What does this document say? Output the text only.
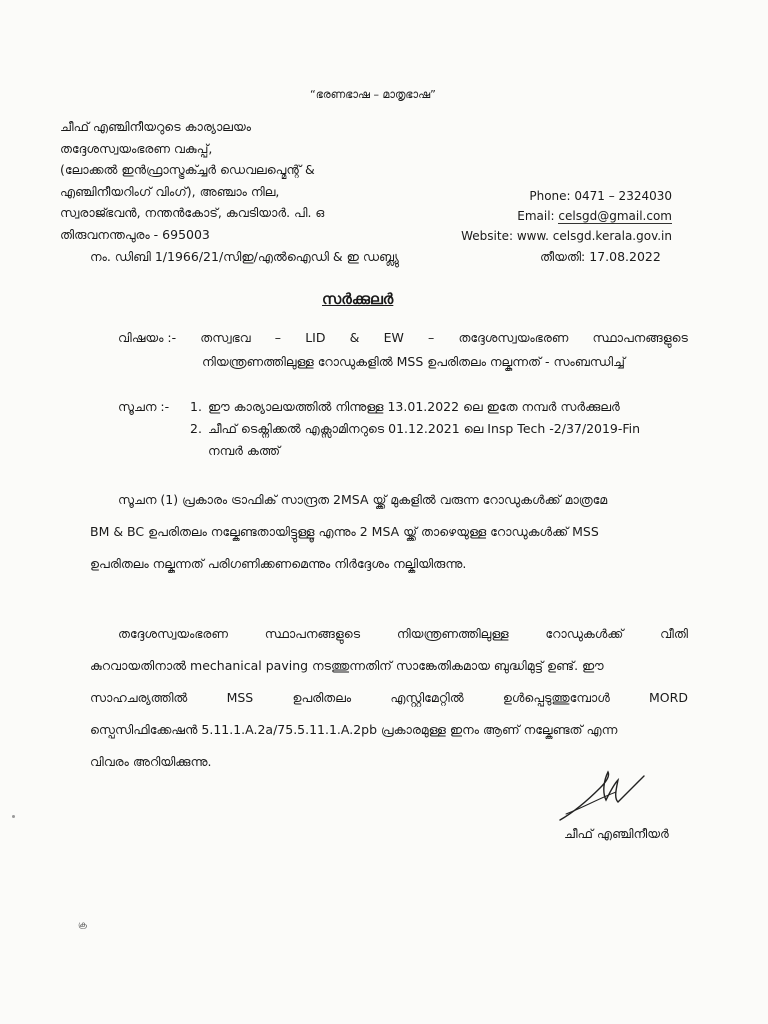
“ഭരണഭാഷ – മാതൃഭാഷ”
ചീഫ് എഞ്ചിനീയറുടെ കാര്യാലയം
തദ്ദേശസ്വയംഭരണ വകുപ്പ്,
(ലോക്കൽ ഇൻഫ്രാസ്ട്രക്ച്ചർ ഡെവലപ്മെന്റ് &
എഞ്ചിനീയറിംഗ് വിംഗ്), അഞ്ചാം നില,
സ്വരാജ്ഭവൻ, നന്തൻകോട്, കവടിയാർ. പി. ഒ
തിരുവനന്തപുരം - 695003
Phone: 0471 – 2324030
Email: celsgd@gmail.com
Website: www. celsgd.kerala.gov.in
നം. ഡിബി 1/1966/21/സിഇ/എൽഐഡി & ഇ ഡബ്ല്യു	തീയതി: 17.08.2022
സർക്കുലർ
വിഷയം :- തസ്വഭവ – LID & EW – തദ്ദേശസ്വയംഭരണ സ്ഥാപനങ്ങളുടെ
നിയന്ത്രണത്തിലുള്ള റോഡുകളിൽ MSS ഉപരിതലം നല്കുന്നത് - സംബന്ധിച്ച്
സൂചന :-	1. ഈ കാര്യാലയത്തിൽ നിന്നുള്ള 13.01.2022 ലെ ഇതേ നമ്പർ സർക്കുലർ
2. ചീഫ് ടെക്നിക്കൽ എക്സാമിനറുടെ 01.12.2021 ലെ Insp Tech -2/37/2019-Fin
നമ്പർ കത്ത്
സൂചന (1) പ്രകാരം ട്രാഫിക് സാന്ദ്രത 2MSA യ്ക്ക് മുകളിൽ വരുന്ന റോഡുകൾക്ക് മാത്രമേ
BM & BC ഉപരിതലം നല്കേണ്ടതായിട്ടുള്ളൂ എന്നും 2 MSA യ്ക്ക് താഴെയുള്ള റോഡുകൾക്ക് MSS
ഉപരിതലം നല്കുന്നത് പരിഗണിക്കണമെന്നും നിർദ്ദേശം നല്കിയിരുന്നു.
തദ്ദേശസ്വയംഭരണ	സ്ഥാപനങ്ങളുടെ	നിയന്ത്രണത്തിലുള്ള	റോഡുകൾക്ക്	വീതി
കുറവായതിനാൽ mechanical paving നടത്തുന്നതിന് സാങ്കേതികമായ ബുദ്ധിമുട്ട് ഉണ്ട്. ഈ
സാഹചര്യത്തിൽ	MSS	ഉപരിതലം	എസ്റ്റിമേറ്റിൽ	ഉൾപ്പെടുത്തുമ്പോൾ	MORD
സ്പെസിഫിക്കേഷൻ 5.11.1.A.2a/75.5.11.1.A.2pb പ്രകാരമുള്ള ഇനം ആണ് നല്കേണ്ടത് എന്ന
വിവരം അറിയിക്കുന്നു.
ചീഫ് എഞ്ചിനീയർ
ക്ര
